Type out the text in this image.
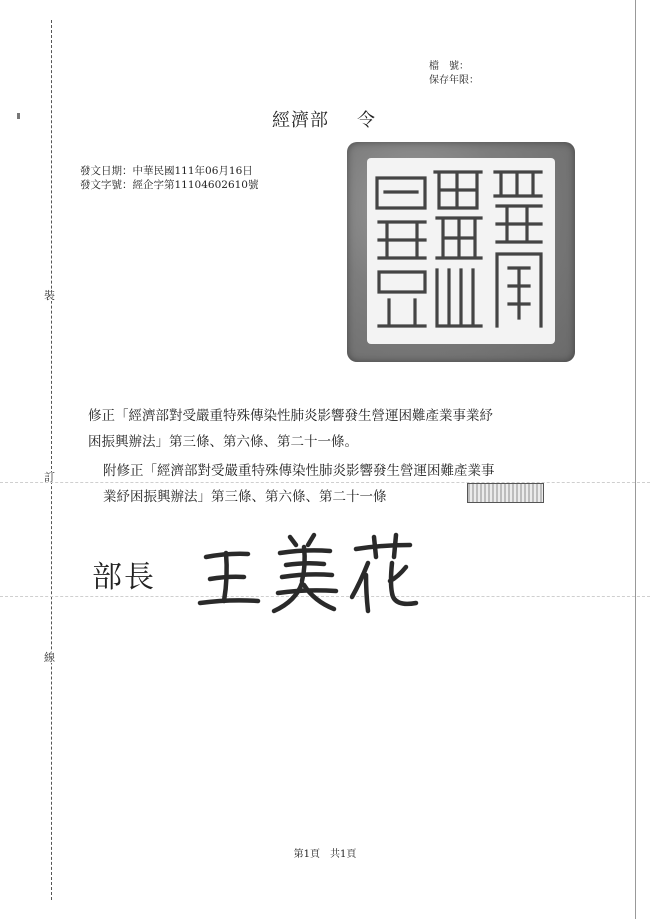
裝
訂
線
檔　號：
保存年限：
經濟部 令
發文日期：中華民國111年06月16日
發文字號：經企字第11104602610號

修正「經濟部對受嚴重特殊傳染性肺炎影響發生營運困難產業事業紓

困振興辦法」第三條、第六條、第二十一條。

附修正「經濟部對受嚴重特殊傳染性肺炎影響發生營運困難產業事
業紓困振興辦法」第三條、第六條、第二十一條
部長
第1頁　共1頁
